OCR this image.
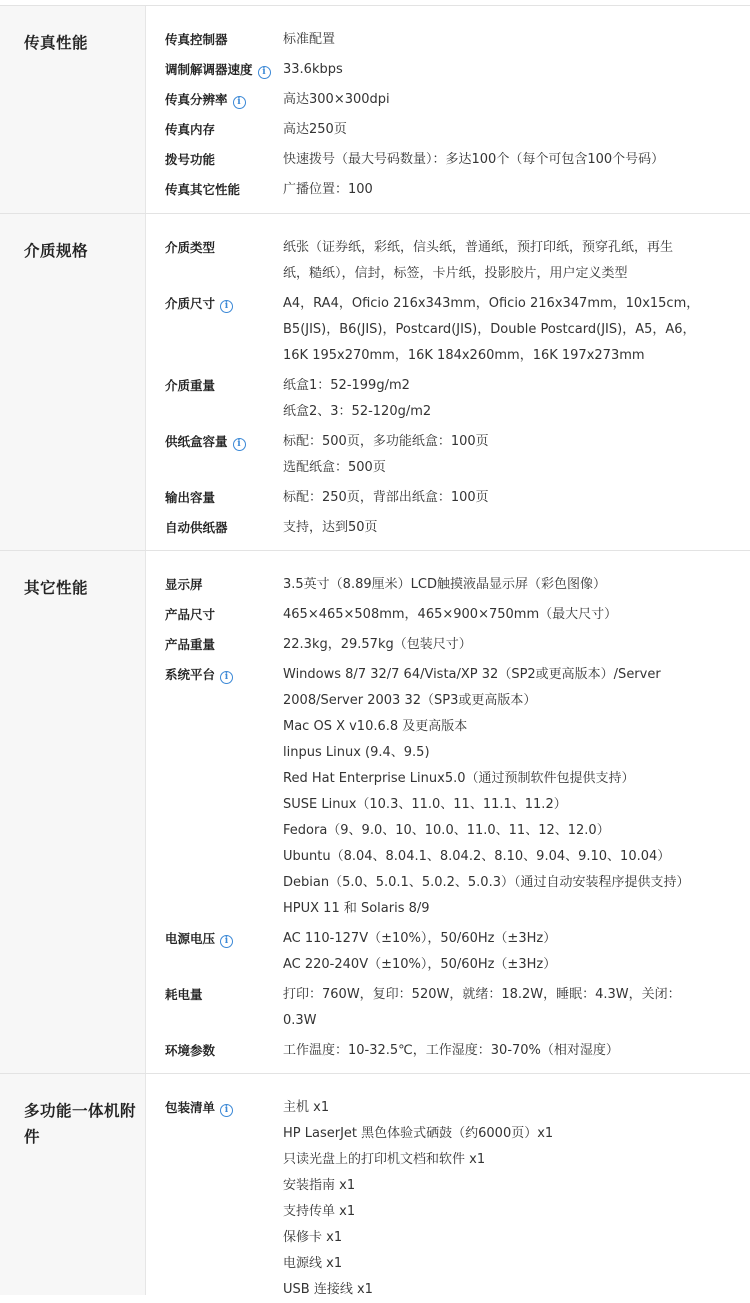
传真性能	传真控制器	标准配置
调制解调器速度 i	33.6kbps
传真分辨率 i	高达300×300dpi
传真内存	高达250页
拨号功能	快速拨号（最大号码数量）：多达100个（每个可包含100个号码）
传真其它性能	广播位置：100
介质规格	介质类型	纸张（证券纸，彩纸，信头纸，普通纸，预打印纸，预穿孔纸，再生
纸，糙纸），信封，标签，卡片纸，投影胶片，用户定义类型
介质尺寸 i	A4，RA4，Oficio 216x343mm，Oficio 216x347mm，10x15cm，
B5(JIS)，B6(JIS)，Postcard(JIS)，Double Postcard(JIS)，A5，A6，
16K 195x270mm，16K 184x260mm，16K 197x273mm
介质重量	纸盒1：52-199g/m2
纸盒2、3：52-120g/m2
供纸盒容量 i	标配：500页，多功能纸盒：100页
选配纸盒：500页
输出容量	标配：250页，背部出纸盒：100页
自动供纸器	支持，达到50页
其它性能	显示屏	3.5英寸（8.89厘米）LCD触摸液晶显示屏（彩色图像）
产品尺寸	465×465×508mm，465×900×750mm（最大尺寸）
产品重量	22.3kg，29.57kg（包装尺寸）
系统平台 i	Windows 8/7 32/7 64/Vista/XP 32（SP2或更高版本）/Server
2008/Server 2003 32（SP3或更高版本）
Mac OS X v10.6.8 及更高版本
linpus Linux (9.4、9.5)
Red Hat Enterprise Linux5.0（通过预制软件包提供支持）
SUSE Linux（10.3、11.0、11、11.1、11.2）
Fedora（9、9.0、10、10.0、11.0、11、12、12.0）
Ubuntu（8.04、8.04.1、8.04.2、8.10、9.04、9.10、10.04）
Debian（5.0、5.0.1、5.0.2、5.0.3）（通过自动安装程序提供支持）
HPUX 11 和 Solaris 8/9
电源电压 i	AC 110-127V（±10%），50/60Hz（±3Hz）
AC 220-240V（±10%），50/60Hz（±3Hz）
耗电量	打印：760W，复印：520W，就绪：18.2W，睡眠：4.3W，关闭：
0.3W
环境参数	工作温度：10-32.5℃，工作湿度：30-70%（相对湿度）
多功能一体机附
件
包装清单 i	主机 x1
HP LaserJet 黑色体验式硒鼓（约6000页）x1
只读光盘上的打印机文档和软件 x1
安装指南 x1
支持传单 x1
保修卡 x1
电源线 x1
USB 连接线 x1
